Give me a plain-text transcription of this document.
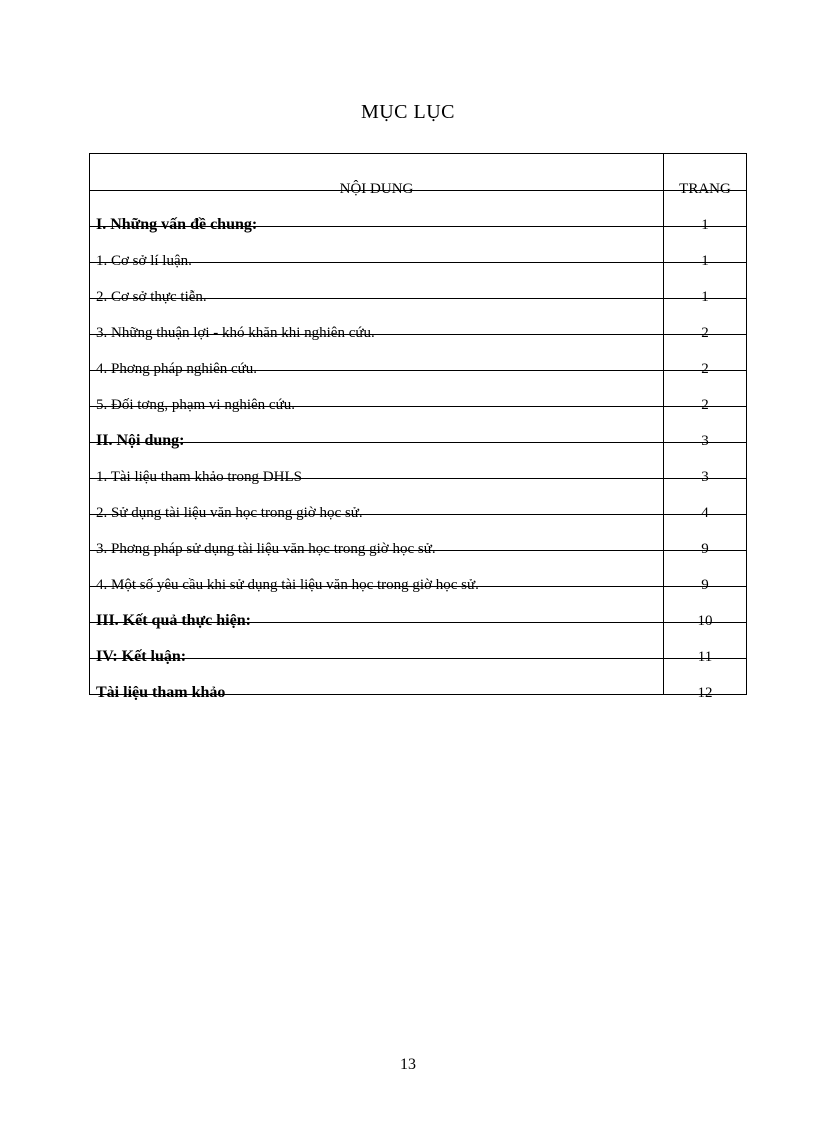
MỤC LỤC
NỘI DUNG	TRANG
I. Những vấn đề chung:	1
1. Cơ sở lí luận.	1
2. Cơ sở thực tiễn.	1
3. Những thuận lợi - khó khăn khi nghiên cứu.	2
4. Phơng pháp nghiên cứu.	2
5. Đối tơng, phạm vi nghiên cứu.	2
II. Nội dung:	3
1. Tài liệu tham khảo trong DHLS	3
2. Sử dụng tài liệu văn học trong giờ học sử.	4
3. Phơng pháp sử dụng tài liệu văn học trong giờ học sử.	9
4. Một số yêu cầu khi sử dụng tài liệu văn học trong giờ học sử.	9
III. Kết quả thực hiện:	10
IV: Kết luận:	11
Tài liệu tham khảo	12
13
